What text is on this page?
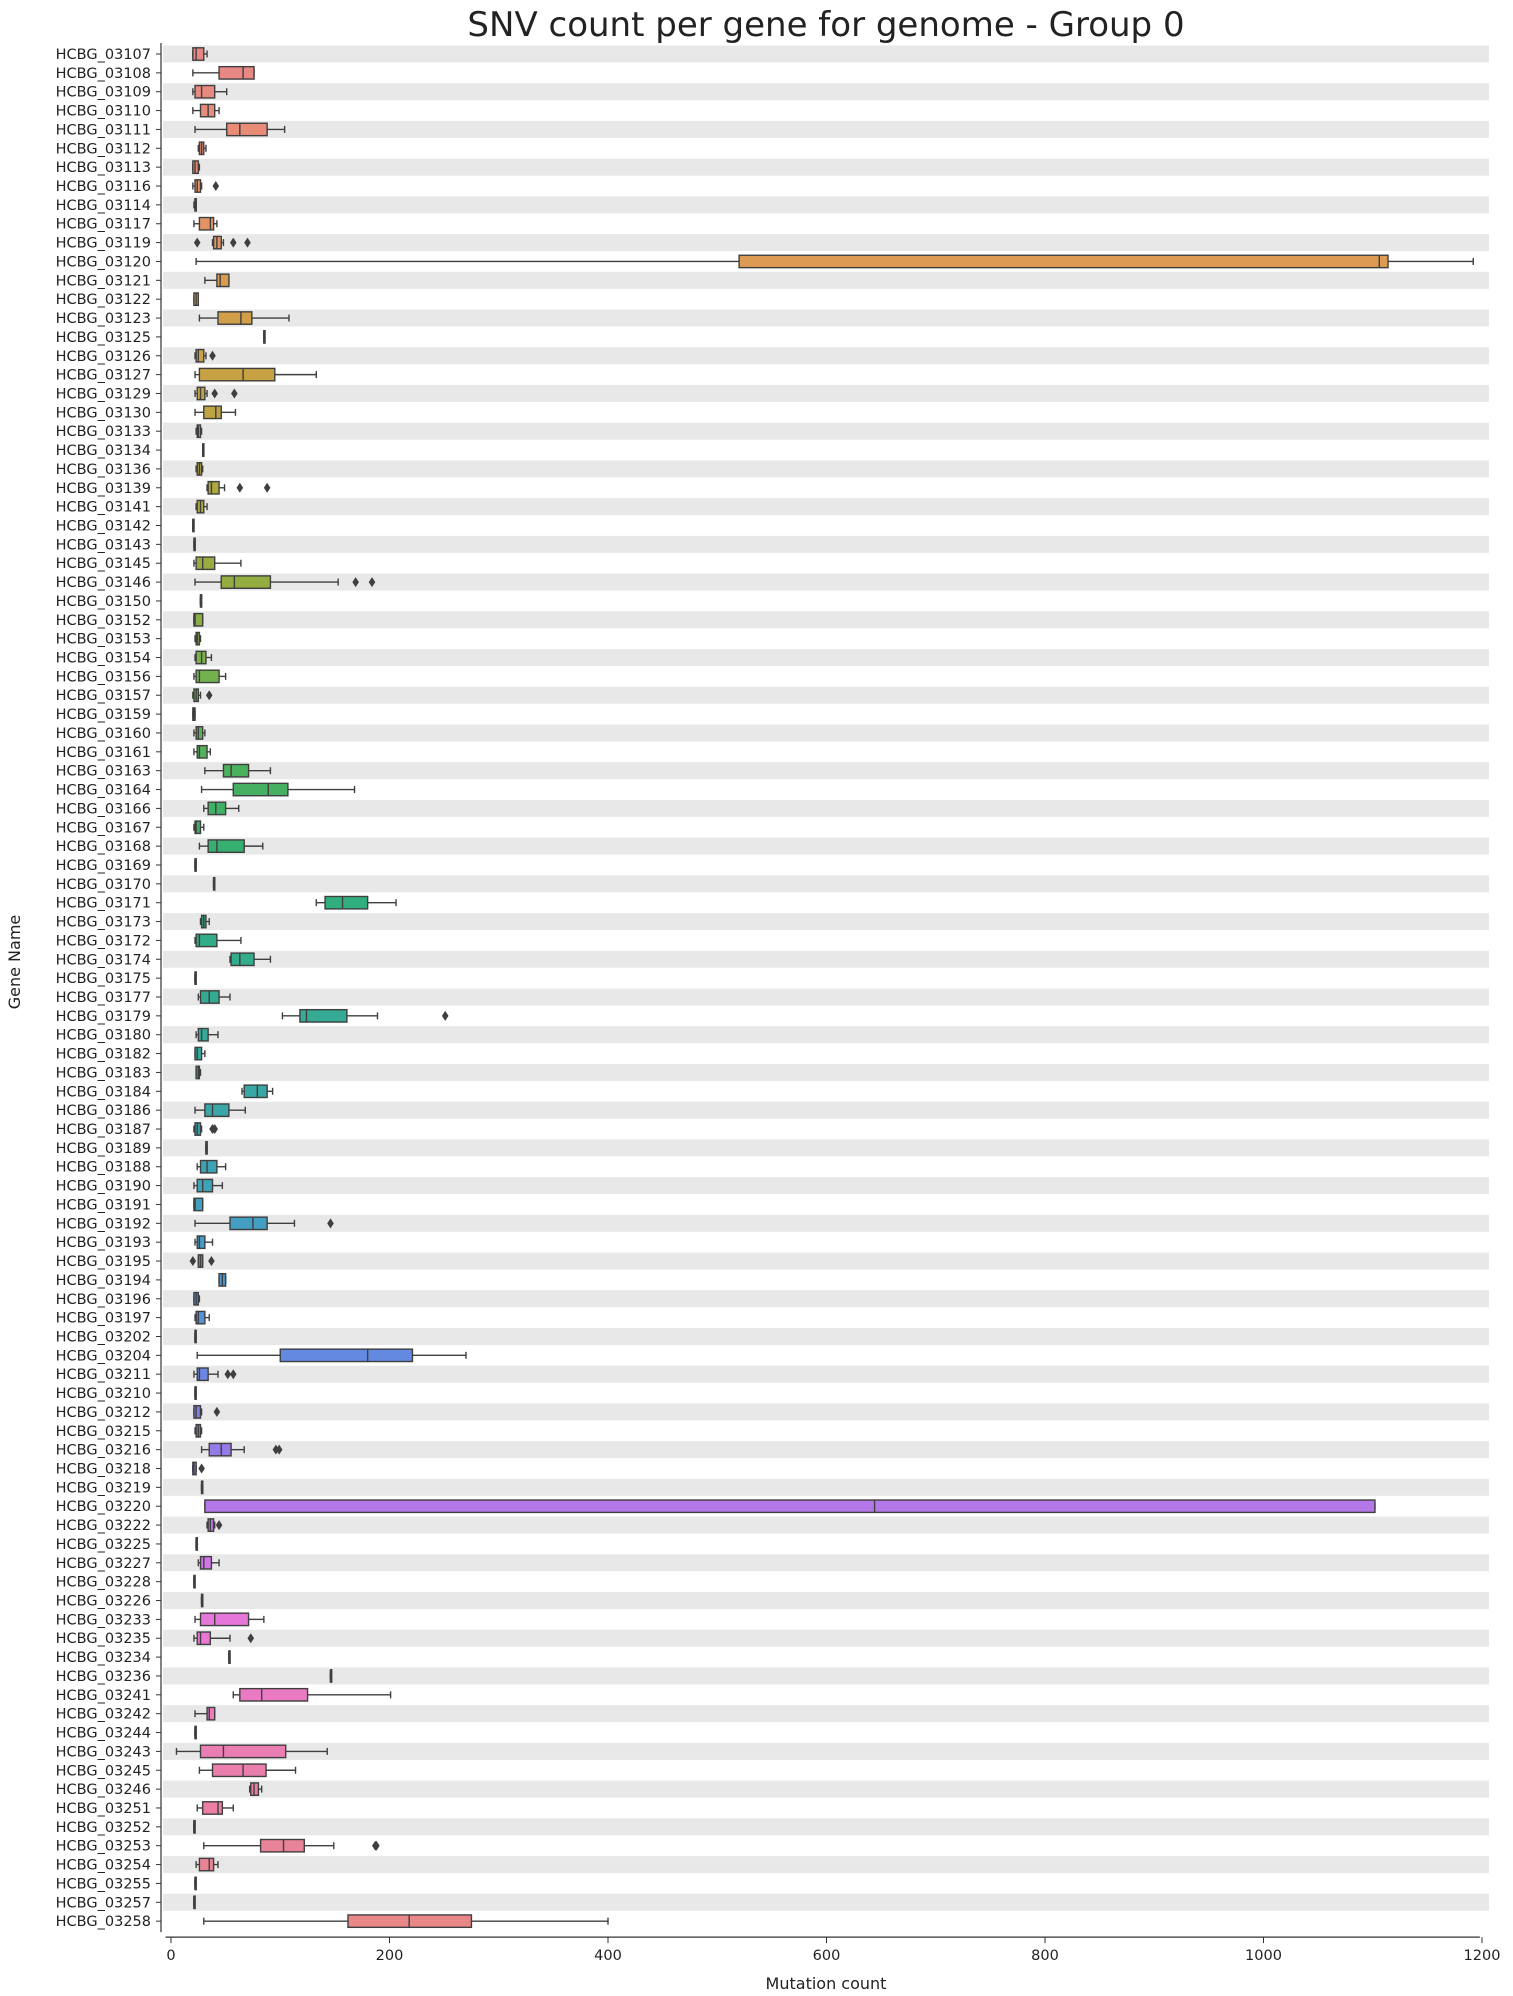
HCBG_03107
HCBG_03108
HCBG_03109
HCBG_03110
HCBG_03111
HCBG_03112
HCBG_03113
HCBG_03116
HCBG_03114
HCBG_03117
HCBG_03119
HCBG_03120
HCBG_03121
HCBG_03122
HCBG_03123
HCBG_03125
HCBG_03126
HCBG_03127
HCBG_03129
HCBG_03130
HCBG_03133
HCBG_03134
HCBG_03136
HCBG_03139
HCBG_03141
HCBG_03142
HCBG_03143
HCBG_03145
HCBG_03146
HCBG_03150
HCBG_03152
HCBG_03153
HCBG_03154
HCBG_03156
HCBG_03157
HCBG_03159
HCBG_03160
HCBG_03161
HCBG_03163
HCBG_03164
HCBG_03166
HCBG_03167
HCBG_03168
HCBG_03169
HCBG_03170
HCBG_03171
HCBG_03173
HCBG_03172
HCBG_03174
HCBG_03175
HCBG_03177
HCBG_03179
HCBG_03180
HCBG_03182
HCBG_03183
HCBG_03184
HCBG_03186
HCBG_03187
HCBG_03189
HCBG_03188
HCBG_03190
HCBG_03191
HCBG_03192
HCBG_03193
HCBG_03195
HCBG_03194
HCBG_03196
HCBG_03197
HCBG_03202
HCBG_03204
HCBG_03211
HCBG_03210
HCBG_03212
HCBG_03215
HCBG_03216
HCBG_03218
HCBG_03219
HCBG_03220
HCBG_03222
HCBG_03225
HCBG_03227
HCBG_03228
HCBG_03226
HCBG_03233
HCBG_03235
HCBG_03234
HCBG_03236
HCBG_03241
HCBG_03242
HCBG_03244
HCBG_03243
HCBG_03245
HCBG_03246
HCBG_03251
HCBG_03252
HCBG_03253
HCBG_03254
HCBG_03255
HCBG_03257
HCBG_03258
0	200	400	600	800	1000	1200
SNV count per gene for genome - Group 0
Mutation count
Gene Name
